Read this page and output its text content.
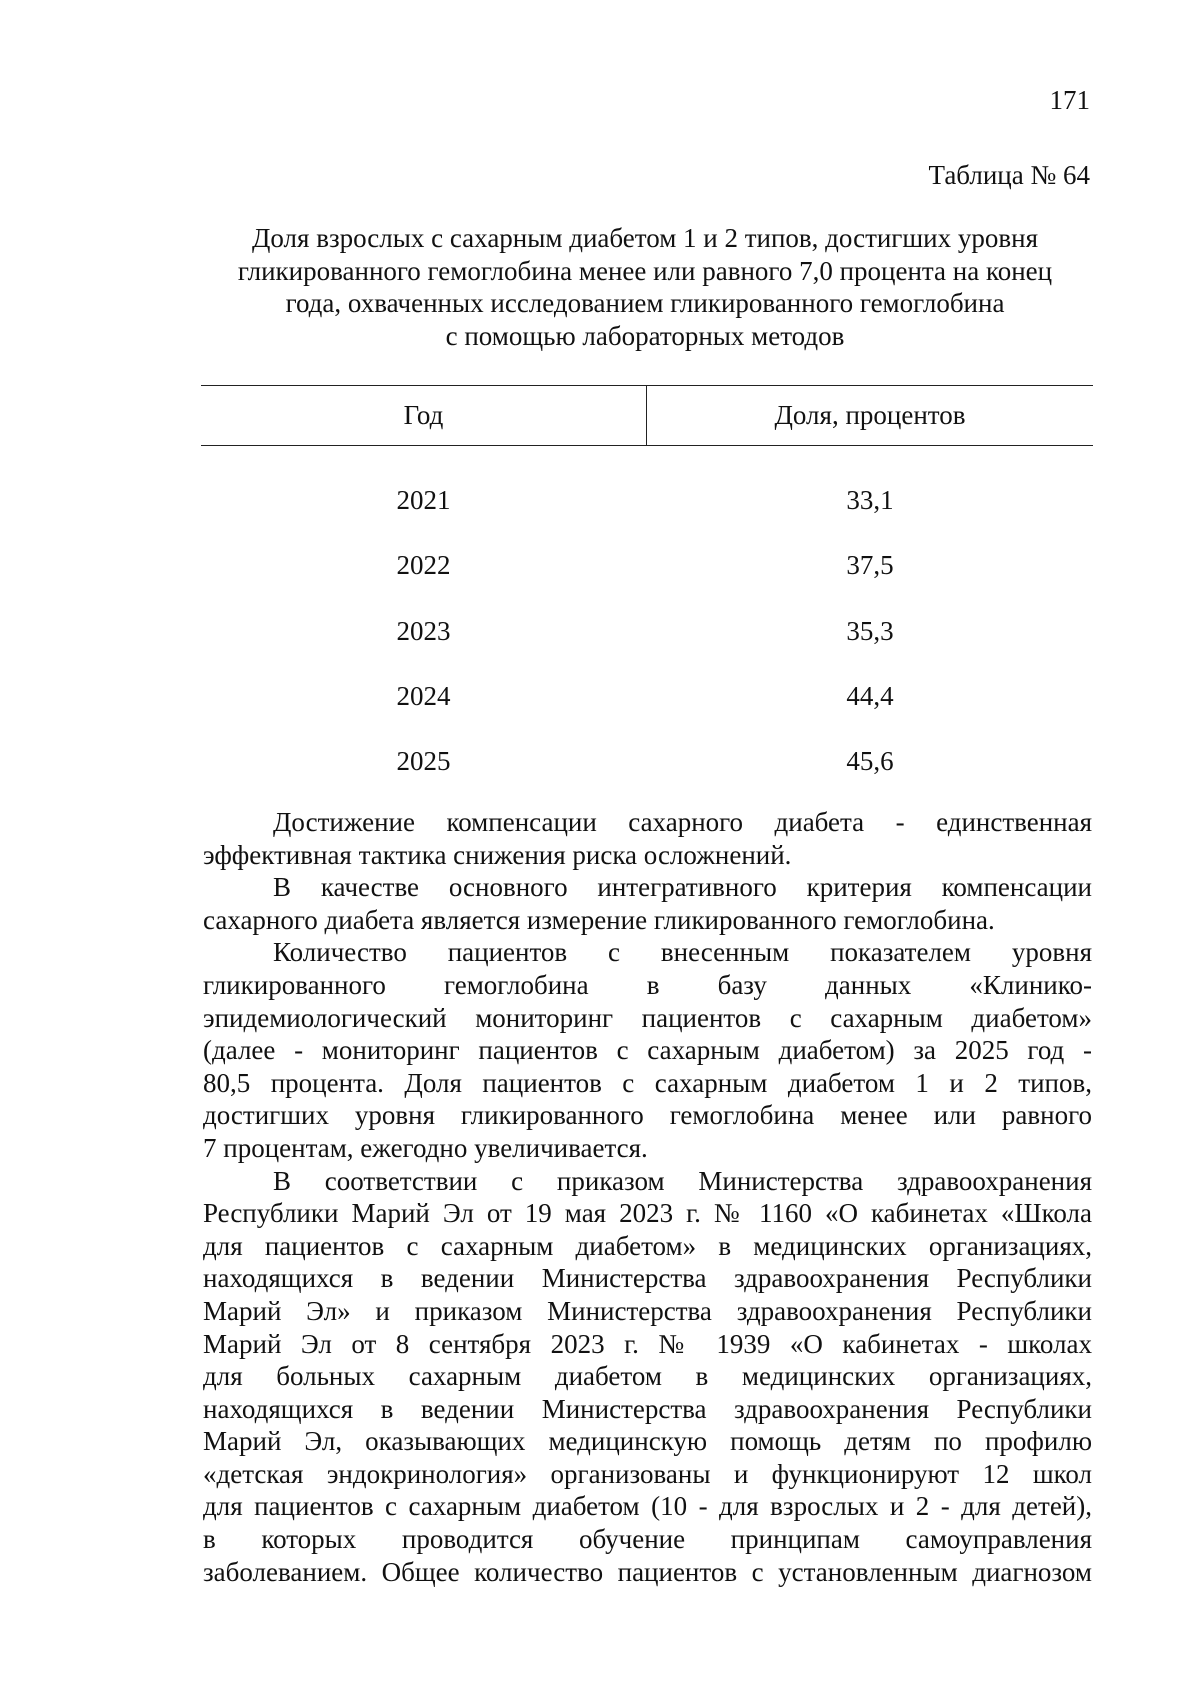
171
Таблица № 64
Доля взрослых с сахарным диабетом 1 и 2 типов, достигших уровня
гликированного гемоглобина менее или равного 7,0 процента на конец
года, охваченных исследованием гликированного гемоглобина
с помощью лабораторных методов
Год	Доля, процентов
2021	33,1
2022	37,5
2023	35,3
2024	44,4
2025	45,6
Достижение компенсации сахарного диабета - единственная
эффективная тактика снижения риска осложнений.
В качестве основного интегративного критерия компенсации
сахарного диабета является измерение гликированного гемоглобина.
Количество пациентов с внесенным показателем уровня
гликированного гемоглобина в базу данных «Клинико-
эпидемиологический мониторинг пациентов с сахарным диабетом»
(далее - мониторинг пациентов с сахарным диабетом) за 2025 год -
80,5 процента. Доля пациентов с сахарным диабетом 1 и 2 типов,
достигших уровня гликированного гемоглобина менее или равного
7 процентам, ежегодно увеличивается.
В соответствии с приказом Министерства здравоохранения
Республики Марий Эл от 19 мая 2023 г. № 1160 «О кабинетах «Школа
для пациентов с сахарным диабетом» в медицинских организациях,
находящихся в ведении Министерства здравоохранения Республики
Марий Эл» и приказом Министерства здравоохранения Республики
Марий Эл от 8 сентября 2023 г. № 1939 «О кабинетах - школах
для больных сахарным диабетом в медицинских организациях,
находящихся в ведении Министерства здравоохранения Республики
Марий Эл, оказывающих медицинскую помощь детям по профилю
«детская эндокринология» организованы и функционируют 12 школ
для пациентов с сахарным диабетом (10 - для взрослых и 2 - для детей),
в которых проводится обучение принципам самоуправления
заболеванием. Общее количество пациентов с установленным диагнозом
